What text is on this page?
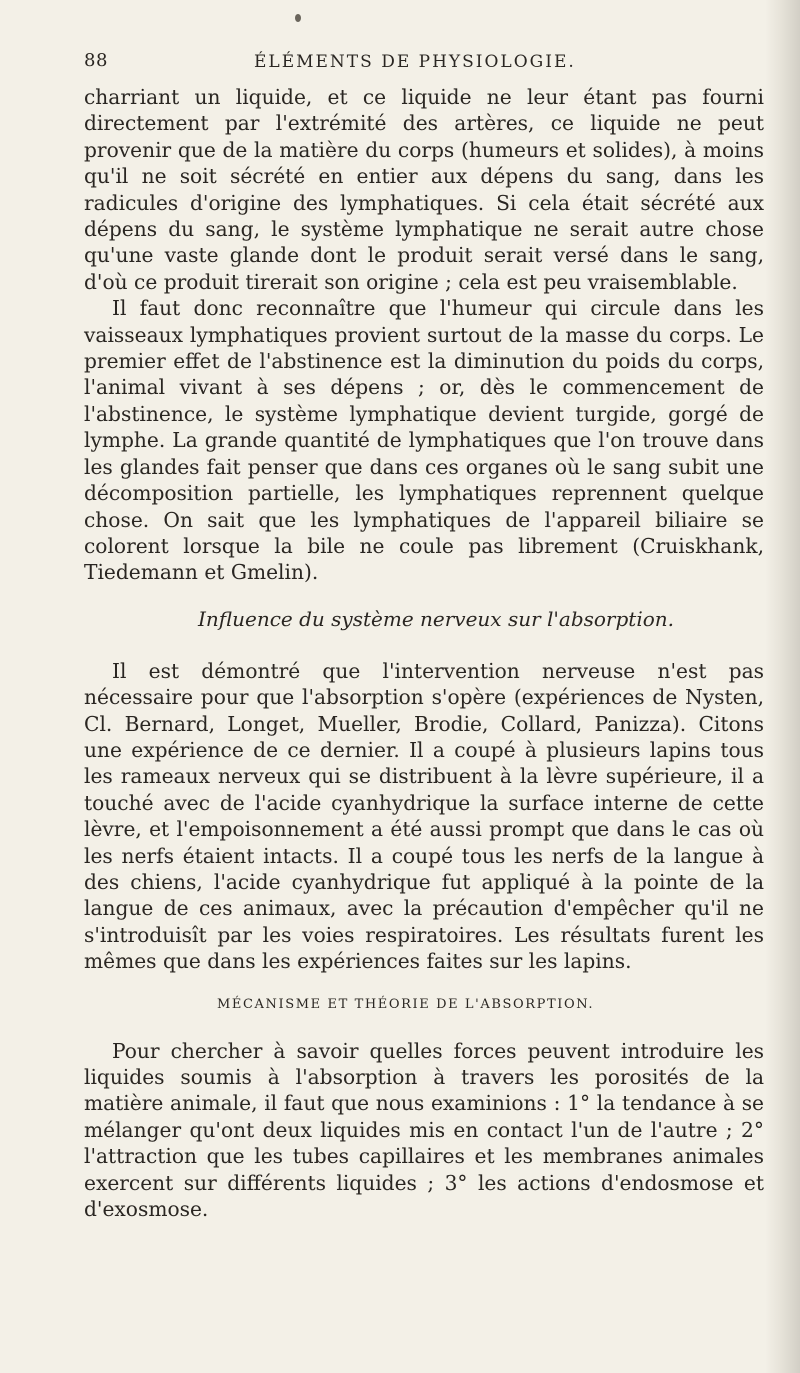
88	ÉLÉMENTS DE PHYSIOLOGIE.

charriant un liquide, et ce liquide ne leur étant pas fourni directement par l'extrémité des artères, ce liquide ne peut provenir que de la matière du corps (humeurs et solides), à moins qu'il ne soit sécrété en entier aux dépens du sang, dans les radicules d'origine des lymphatiques. Si cela était sécrété aux dépens du sang, le système lymphatique ne serait autre chose qu'une vaste glande dont le produit serait versé dans le sang, d'où ce produit tirerait son origine ; cela est peu vraisemblable.

Il faut donc reconnaître que l'humeur qui circule dans les vaisseaux lymphatiques provient surtout de la masse du corps. Le premier effet de l'abstinence est la diminution du poids du corps, l'animal vivant à ses dépens ; or, dès le commencement de l'abstinence, le système lymphatique devient turgide, gorgé de lymphe. La grande quantité de lymphatiques que l'on trouve dans les glandes fait penser que dans ces organes où le sang subit une décomposition partielle, les lymphatiques reprennent quelque chose. On sait que les lymphatiques de l'appareil biliaire se colorent lorsque la bile ne coule pas librement (Cruiskhank, Tiedemann et Gmelin).

Influence du système nerveux sur l'absorption.

Il est démontré que l'intervention nerveuse n'est pas nécessaire pour que l'absorption s'opère (expériences de Nysten, Cl. Bernard, Longet, Mueller, Brodie, Collard, Panizza). Citons une expérience de ce dernier. Il a coupé à plusieurs lapins tous les rameaux nerveux qui se distribuent à la lèvre supérieure, il a touché avec de l'acide cyanhydrique la surface interne de cette lèvre, et l'empoisonnement a été aussi prompt que dans le cas où les nerfs étaient intacts. Il a coupé tous les nerfs de la langue à des chiens, l'acide cyanhydrique fut appliqué à la pointe de la langue de ces animaux, avec la précaution d'empêcher qu'il ne s'introduisît par les voies respiratoires. Les résultats furent les mêmes que dans les expériences faites sur les lapins.

MÉCANISME ET THÉORIE DE L'ABSORPTION.

Pour chercher à savoir quelles forces peuvent introduire les liquides soumis à l'absorption à travers les porosités de la matière animale, il faut que nous examinions : 1° la tendance à se mélanger qu'ont deux liquides mis en contact l'un de l'autre ; 2° l'attraction que les tubes capillaires et les membranes animales exercent sur différents liquides ; 3° les actions d'endosmose et d'exosmose.
